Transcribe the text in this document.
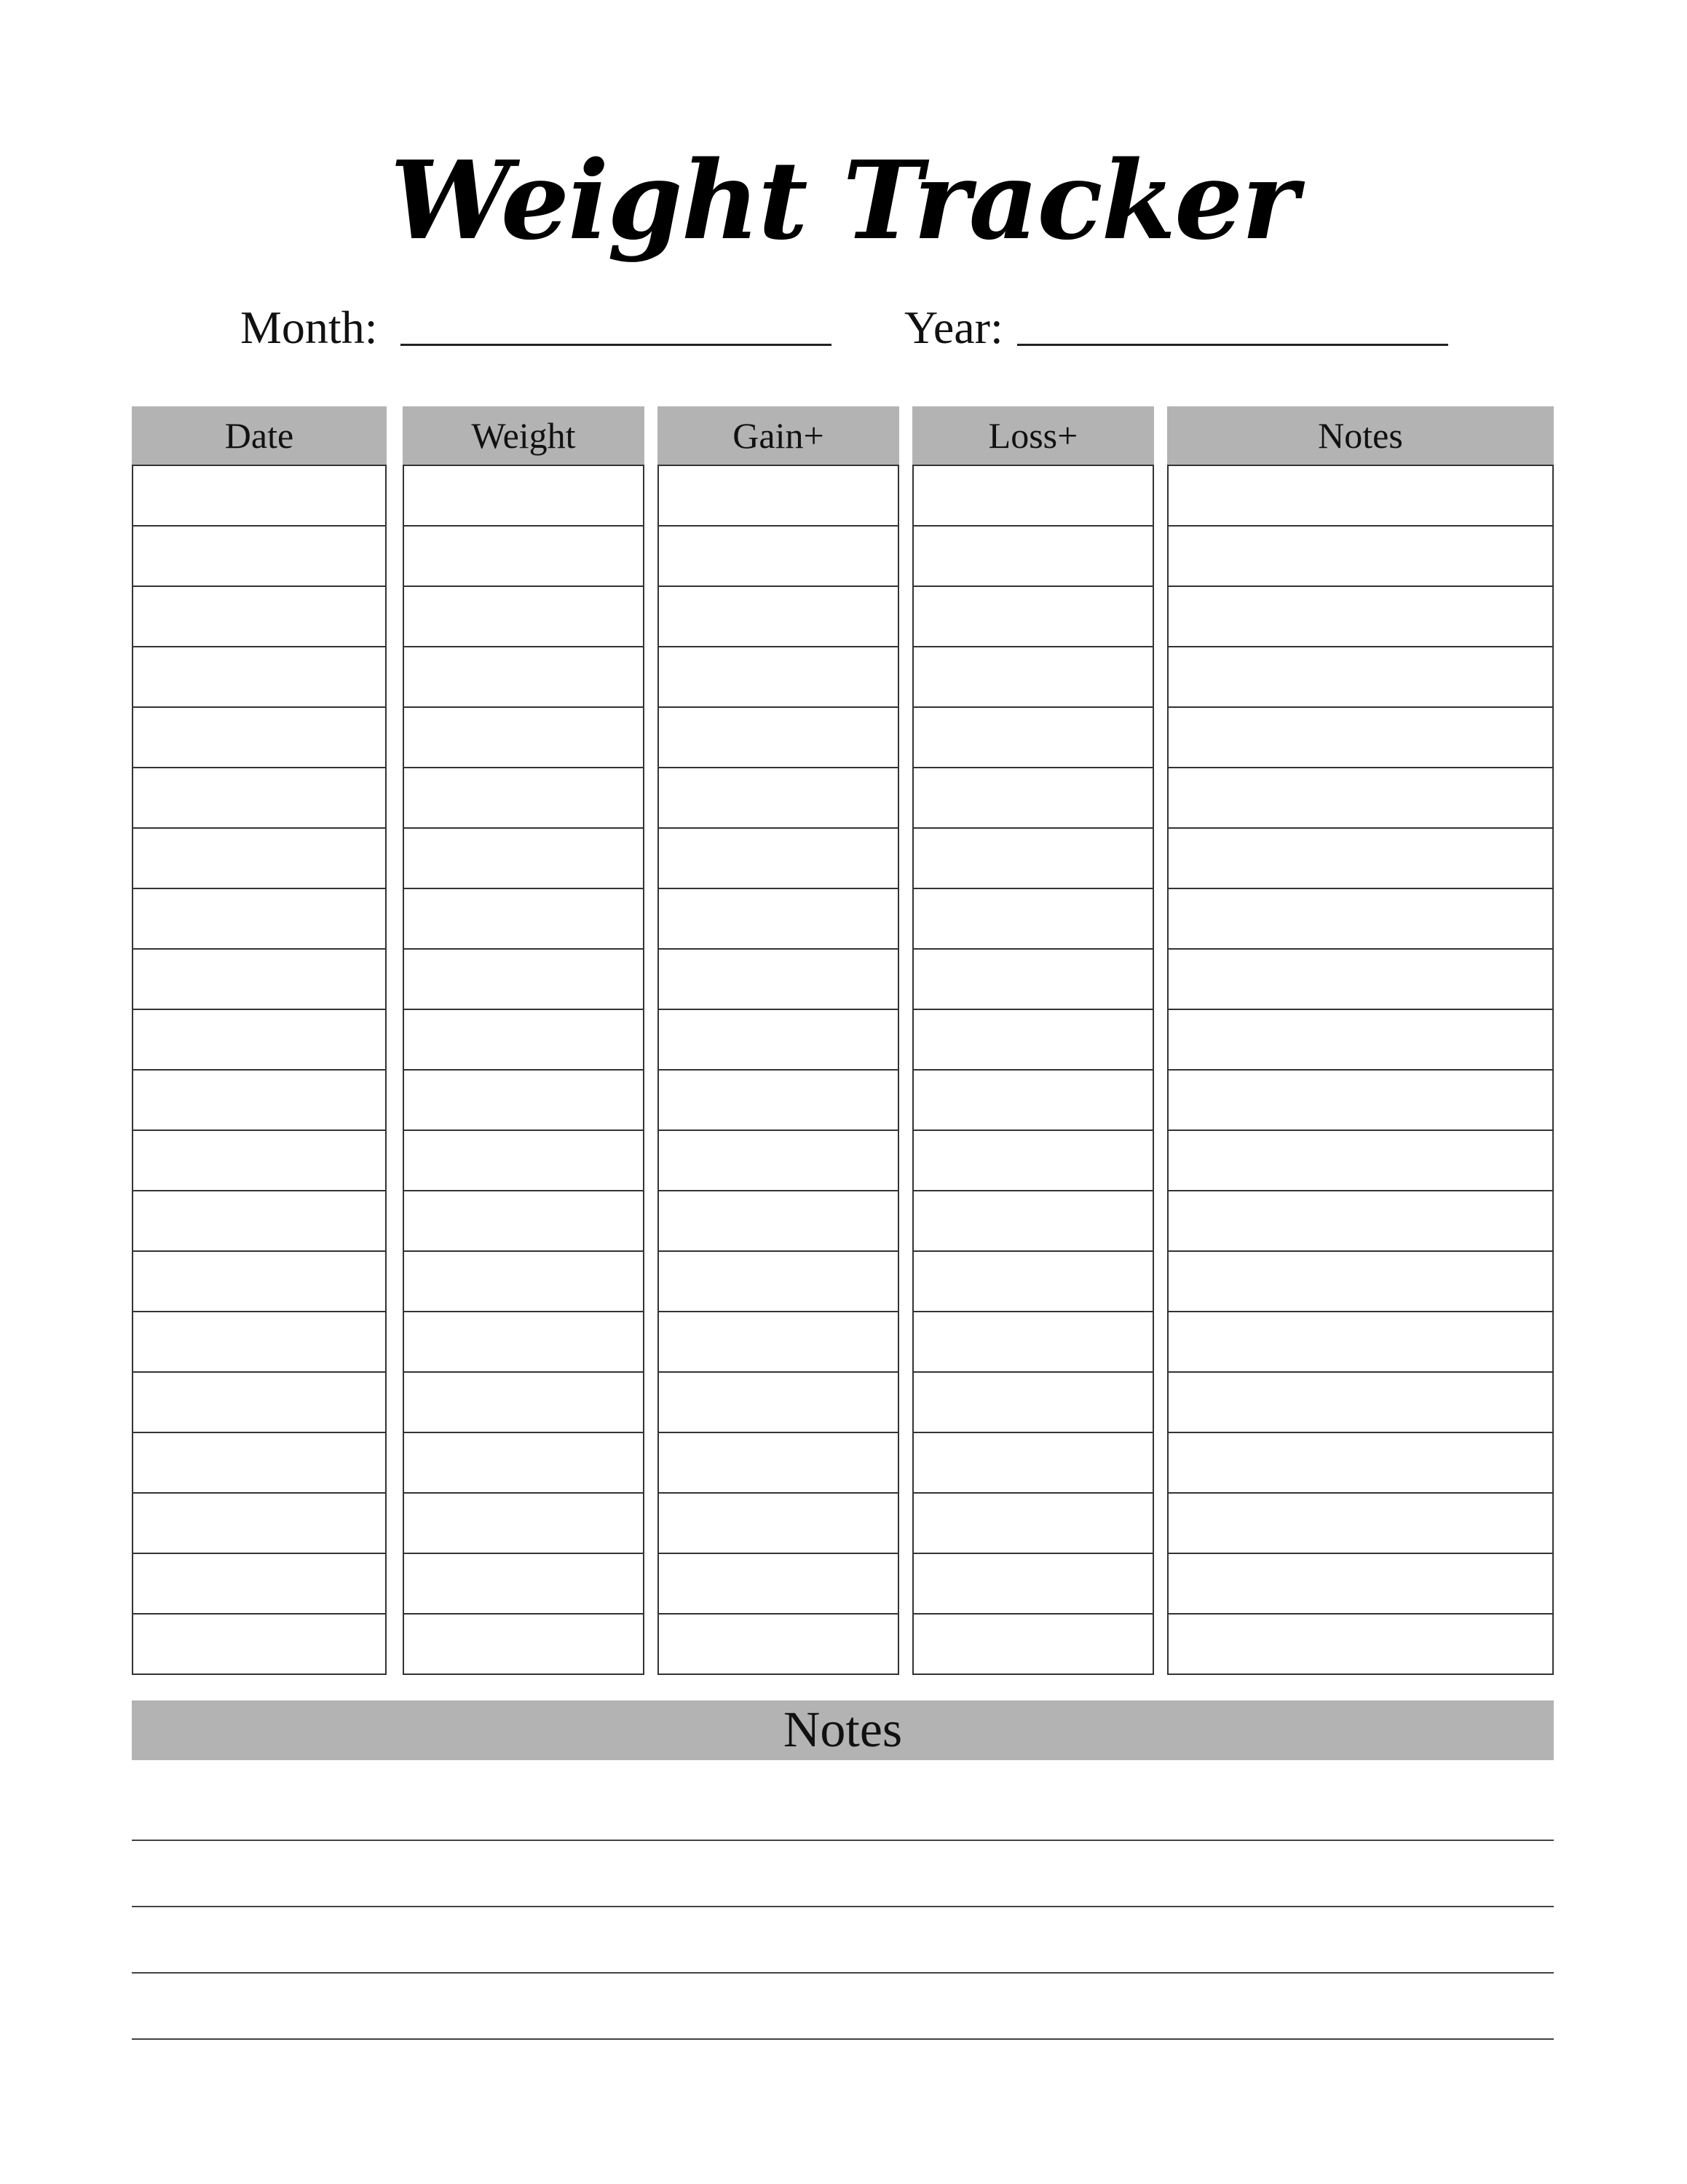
Weight Tracker
Month:	Year:
Date	Weight	Gain+	Loss+	Notes
Notes
